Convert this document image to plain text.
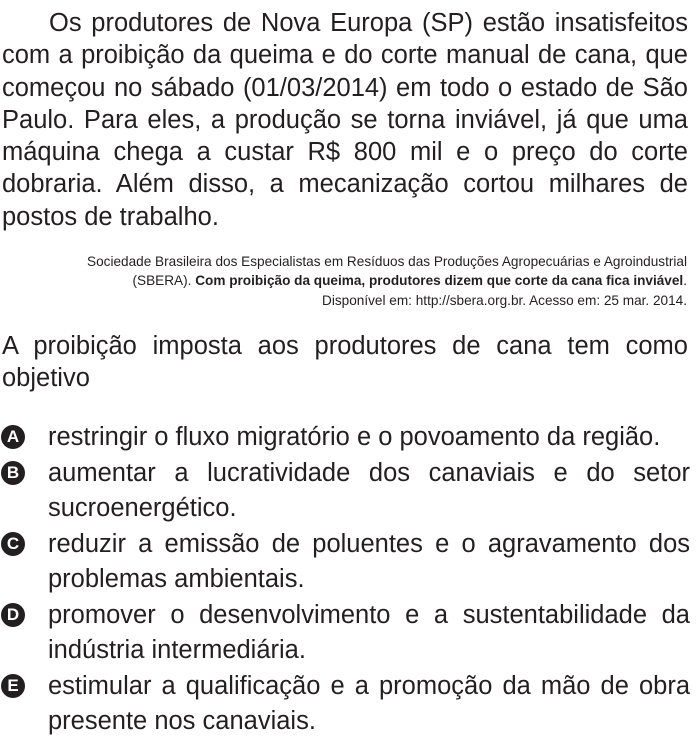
Os produtores de Nova Europa (SP) estão insatisfeitos com a proibição da queima e do corte manual de cana, que começou no sábado (01/03/2014) em todo o estado de São Paulo. Para eles, a produção se torna inviável, já que uma máquina chega a custar R$ 800 mil e o preço do corte dobraria. Além disso, a mecanização cortou milhares de postos de trabalho.

Sociedade Brasileira dos Especialistas em Resíduos das Produções Agropecuárias e Agroindustrial
(SBERA). Com proibição da queima, produtores dizem que corte da cana fica inviável.
Disponível em: http://sbera.org.br. Acesso em: 25 mar. 2014.

A proibição imposta aos produtores de cana tem como objetivo

A restringir o fluxo migratório e o povoamento da região.
B aumentar a lucratividade dos canaviais e do setor sucroenergético.
C reduzir a emissão de poluentes e o agravamento dos problemas ambientais.
D promover o desenvolvimento e a sustentabilidade da indústria intermediária.
E estimular a qualificação e a promoção da mão de obra presente nos canaviais.
